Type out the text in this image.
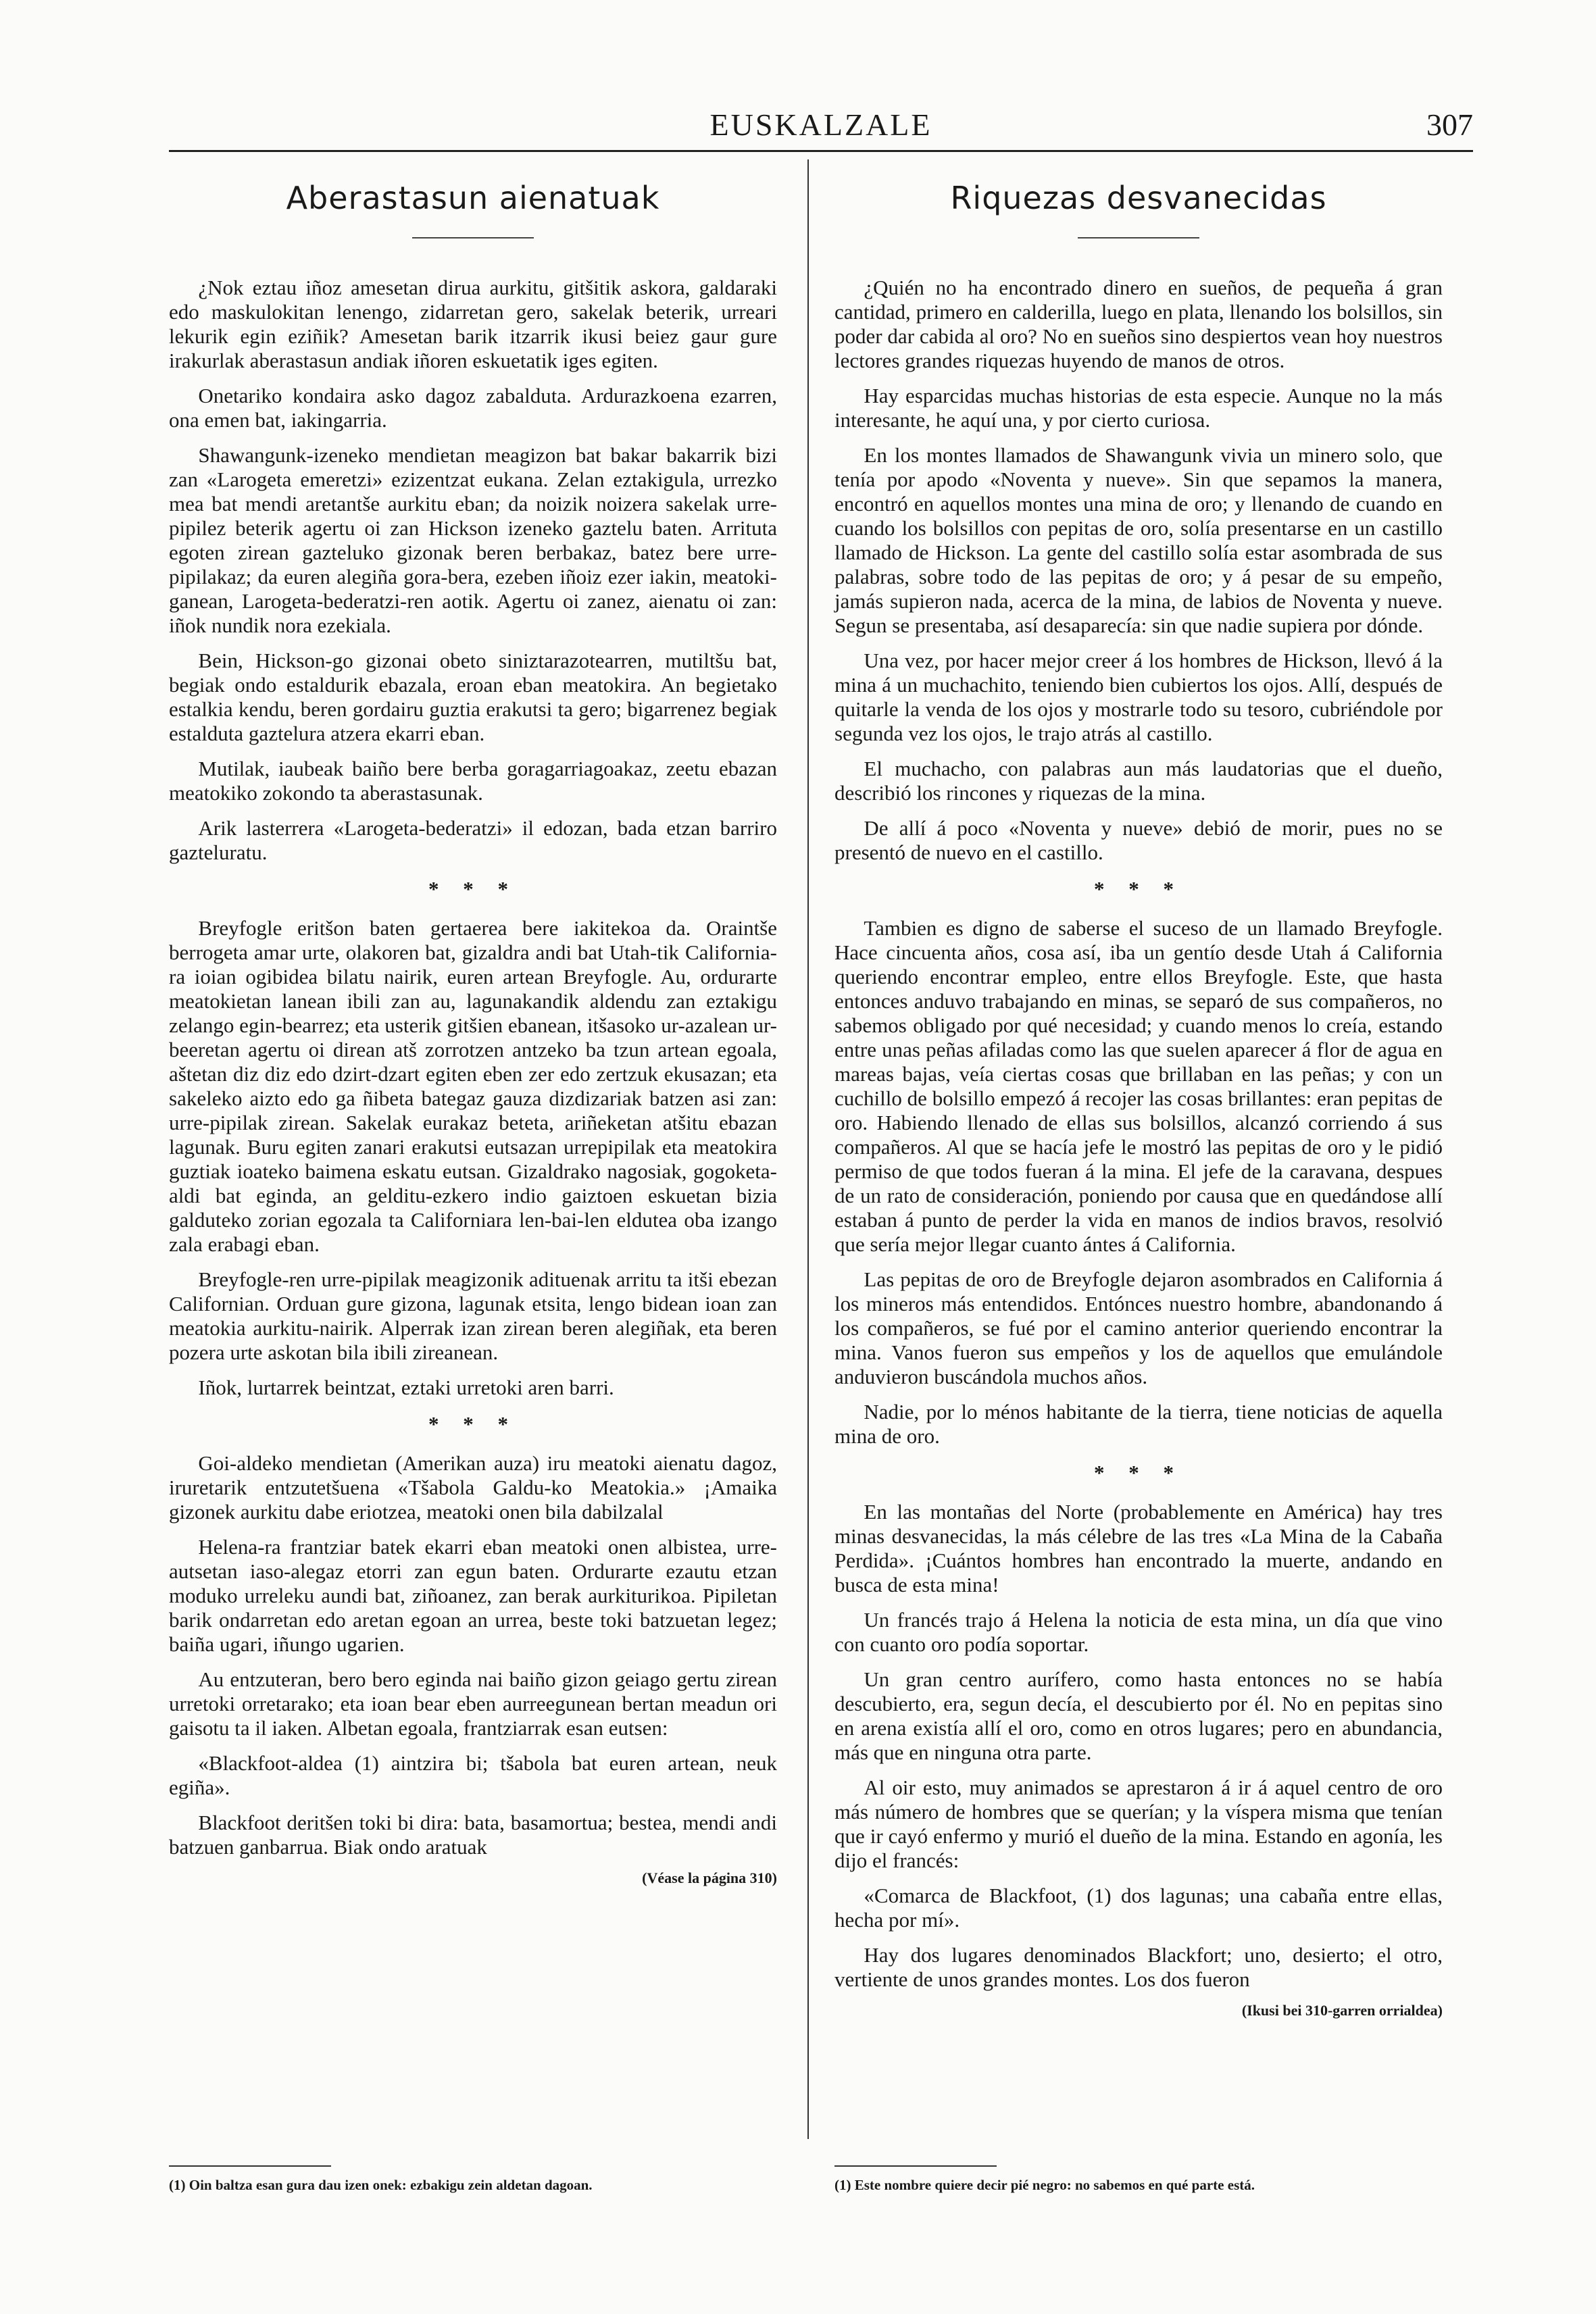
EUSKALZALE	307
Aberastasun aienatuak

¿Nok eztau iñoz amesetan dirua aurkitu, gitšitik askora, galdaraki edo maskulokitan lenengo, zidarretan gero, sakelak beterik, urreari lekurik egin eziñik? Amesetan barik itzarrik ikusi beiez gaur gure irakurlak aberastasun andiak iñoren eskuetatik iges egiten.

Onetariko kondaira asko dagoz zabalduta. Ardurazkoena ezarren, ona emen bat, iakingarria.

Shawangunk-izeneko mendietan meagizon bat bakar bakarrik bizi zan «Larogeta emeretzi» ezizentzat eukana. Zelan eztakigula, urrezko mea bat mendi aretantše aurkitu eban; da noizik noizera sakelak urre-pipilez beterik agertu oi zan Hickson izeneko gaztelu baten. Arrituta egoten zirean gazteluko gizonak beren berbakaz, batez bere urre-pipilakaz; da euren alegiña gora-bera, ezeben iñoiz ezer iakin, meatoki-ganean, Larogeta-bederatzi-ren aotik. Agertu oi zanez, aienatu oi zan: iñok nundik nora ezekiala.

Bein, Hickson-go gizonai obeto siniztarazotearren, mutiltšu bat, begiak ondo estaldurik ebazala, eroan eban meatokira. An begietako estalkia kendu, beren gordairu guztia erakutsi ta gero; bigarrenez begiak estalduta gaztelura atzera ekarri eban.

Mutilak, iaubeak baiño bere berba goragarriagoakaz, zeetu ebazan meatokiko zokondo ta aberastasunak.

Arik lasterrera «Larogeta-bederatzi» il edozan, bada etzan barriro gazteluratu.

* * *

Breyfogle eritšon baten gertaerea bere iakitekoa da. Oraintše berrogeta amar urte, olakoren bat, gizaldra andi bat Utah-tik California-ra ioian ogibidea bilatu nairik, euren artean Breyfogle. Au, ordurarte meatokietan lanean ibili zan au, lagunakandik aldendu zan eztakigu zelango egin-bearrez; eta usterik gitšien ebanean, itšasoko ur-azalean ur-beeretan agertu oi direan atš zorrotzen antzeko ba tzun artean egoala, aštetan diz diz edo dzirt-dzart egiten eben zer edo zertzuk ekusazan; eta sakeleko aizto edo ga ñibeta bategaz gauza dizdizariak batzen asi zan: urre-pipilak zirean. Sakelak eurakaz beteta, ariñeketan atšitu ebazan lagunak. Buru egiten zanari erakutsi eutsazan urrepipilak eta meatokira guztiak ioateko baimena eskatu eutsan. Gizaldrako nagosiak, gogoketa-aldi bat eginda, an gelditu-ezkero indio gaiztoen eskuetan bizia galduteko zorian egozala ta Californiara len-bai-len eldutea oba izango zala erabagi eban.

Breyfogle-ren urre-pipilak meagizonik adituenak arritu ta itši ebezan Californian. Orduan gure gizona, lagunak etsita, lengo bidean ioan zan meatokia aurkitu-nairik. Alperrak izan zirean beren alegiñak, eta beren pozera urte askotan bila ibili zireanean.

Iñok, lurtarrek beintzat, eztaki urretoki aren barri.

* * *

Goi-aldeko mendietan (Amerikan auza) iru meatoki aienatu dagoz, iruretarik entzutetšuena «Tšabola Galdu-ko Meatokia.» ¡Amaika gizonek aurkitu dabe eriotzea, meatoki onen bila dabilzalal

Helena-ra frantziar batek ekarri eban meatoki onen albistea, urre-autsetan iaso-alegaz etorri zan egun baten. Ordurarte ezautu etzan moduko urreleku aundi bat, ziñoanez, zan berak aurkiturikoa. Pipiletan barik ondarretan edo aretan egoan an urrea, beste toki batzuetan legez; baiña ugari, iñungo ugarien.

Au entzuteran, bero bero eginda nai baiño gizon geiago gertu zirean urretoki orretarako; eta ioan bear eben aurreegunean bertan meadun ori gaisotu ta il iaken. Albetan egoala, frantziarrak esan eutsen:

«Blackfoot-aldea (1) aintzira bi; tšabola bat euren artean, neuk egiña».

Blackfoot deritšen toki bi dira: bata, basamortua; bestea, mendi andi batzuen ganbarrua. Biak ondo aratuak

(Véase la página 310)
Riquezas desvanecidas

¿Quién no ha encontrado dinero en sueños, de pequeña á gran cantidad, primero en calderilla, luego en plata, llenando los bolsillos, sin poder dar cabida al oro? No en sueños sino despiertos vean hoy nuestros lectores grandes riquezas huyendo de manos de otros.

Hay esparcidas muchas historias de esta especie. Aunque no la más interesante, he aquí una, y por cierto curiosa.

En los montes llamados de Shawangunk vivia un minero solo, que tenía por apodo «Noventa y nueve». Sin que sepamos la manera, encontró en aquellos montes una mina de oro; y llenando de cuando en cuando los bolsillos con pepitas de oro, solía presentarse en un castillo llamado de Hickson. La gente del castillo solía estar asombrada de sus palabras, sobre todo de las pepitas de oro; y á pesar de su empeño, jamás supieron nada, acerca de la mina, de labios de Noventa y nueve. Segun se presentaba, así desaparecía: sin que nadie supiera por dónde.

Una vez, por hacer mejor creer á los hombres de Hickson, llevó á la mina á un muchachito, teniendo bien cubiertos los ojos. Allí, después de quitarle la venda de los ojos y mostrarle todo su tesoro, cubriéndole por segunda vez los ojos, le trajo atrás al castillo.

El muchacho, con palabras aun más laudatorias que el dueño, describió los rincones y riquezas de la mina.

De allí á poco «Noventa y nueve» debió de morir, pues no se presentó de nuevo en el castillo.

* * *

Tambien es digno de saberse el suceso de un llamado Breyfogle. Hace cincuenta años, cosa así, iba un gentío desde Utah á California queriendo encontrar empleo, entre ellos Breyfogle. Este, que hasta entonces anduvo trabajando en minas, se separó de sus compañeros, no sabemos obligado por qué necesidad; y cuando menos lo creía, estando entre unas peñas afiladas como las que suelen aparecer á flor de agua en mareas bajas, veía ciertas cosas que brillaban en las peñas; y con un cuchillo de bolsillo empezó á recojer las cosas brillantes: eran pepitas de oro. Habiendo llenado de ellas sus bolsillos, alcanzó corriendo á sus compañeros. Al que se hacía jefe le mostró las pepitas de oro y le pidió permiso de que todos fueran á la mina. El jefe de la caravana, despues de un rato de consideración, poniendo por causa que en quedándose allí estaban á punto de perder la vida en manos de indios bravos, resolvió que sería mejor llegar cuanto ántes á California.

Las pepitas de oro de Breyfogle dejaron asombrados en California á los mineros más entendidos. Entónces nuestro hombre, abandonando á los compañeros, se fué por el camino anterior queriendo encontrar la mina. Vanos fueron sus empeños y los de aquellos que emulándole anduvieron buscándola muchos años.

Nadie, por lo ménos habitante de la tierra, tiene noticias de aquella mina de oro.

* * *

En las montañas del Norte (probablemente en América) hay tres minas desvanecidas, la más célebre de las tres «La Mina de la Cabaña Perdida». ¡Cuántos hombres han encontrado la muerte, andando en busca de esta mina!

Un francés trajo á Helena la noticia de esta mina, un día que vino con cuanto oro podía soportar.

Un gran centro aurífero, como hasta entonces no se había descubierto, era, segun decía, el descubierto por él. No en pepitas sino en arena existía allí el oro, como en otros lugares; pero en abundancia, más que en ninguna otra parte.

Al oir esto, muy animados se aprestaron á ir á aquel centro de oro más número de hombres que se querían; y la víspera misma que tenían que ir cayó enfermo y murió el dueño de la mina. Estando en agonía, les dijo el francés:

«Comarca de Blackfoot, (1) dos lagunas; una cabaña entre ellas, hecha por mí».

Hay dos lugares denominados Blackfort; uno, desierto; el otro, vertiente de unos grandes montes. Los dos fueron

(Ikusi bei 310-garren orrialdea)
(1) Oin baltza esan gura dau izen onek: ezbakigu zein aldetan dagoan.	(1) Este nombre quiere decir pié negro: no sabemos en qué parte está.
